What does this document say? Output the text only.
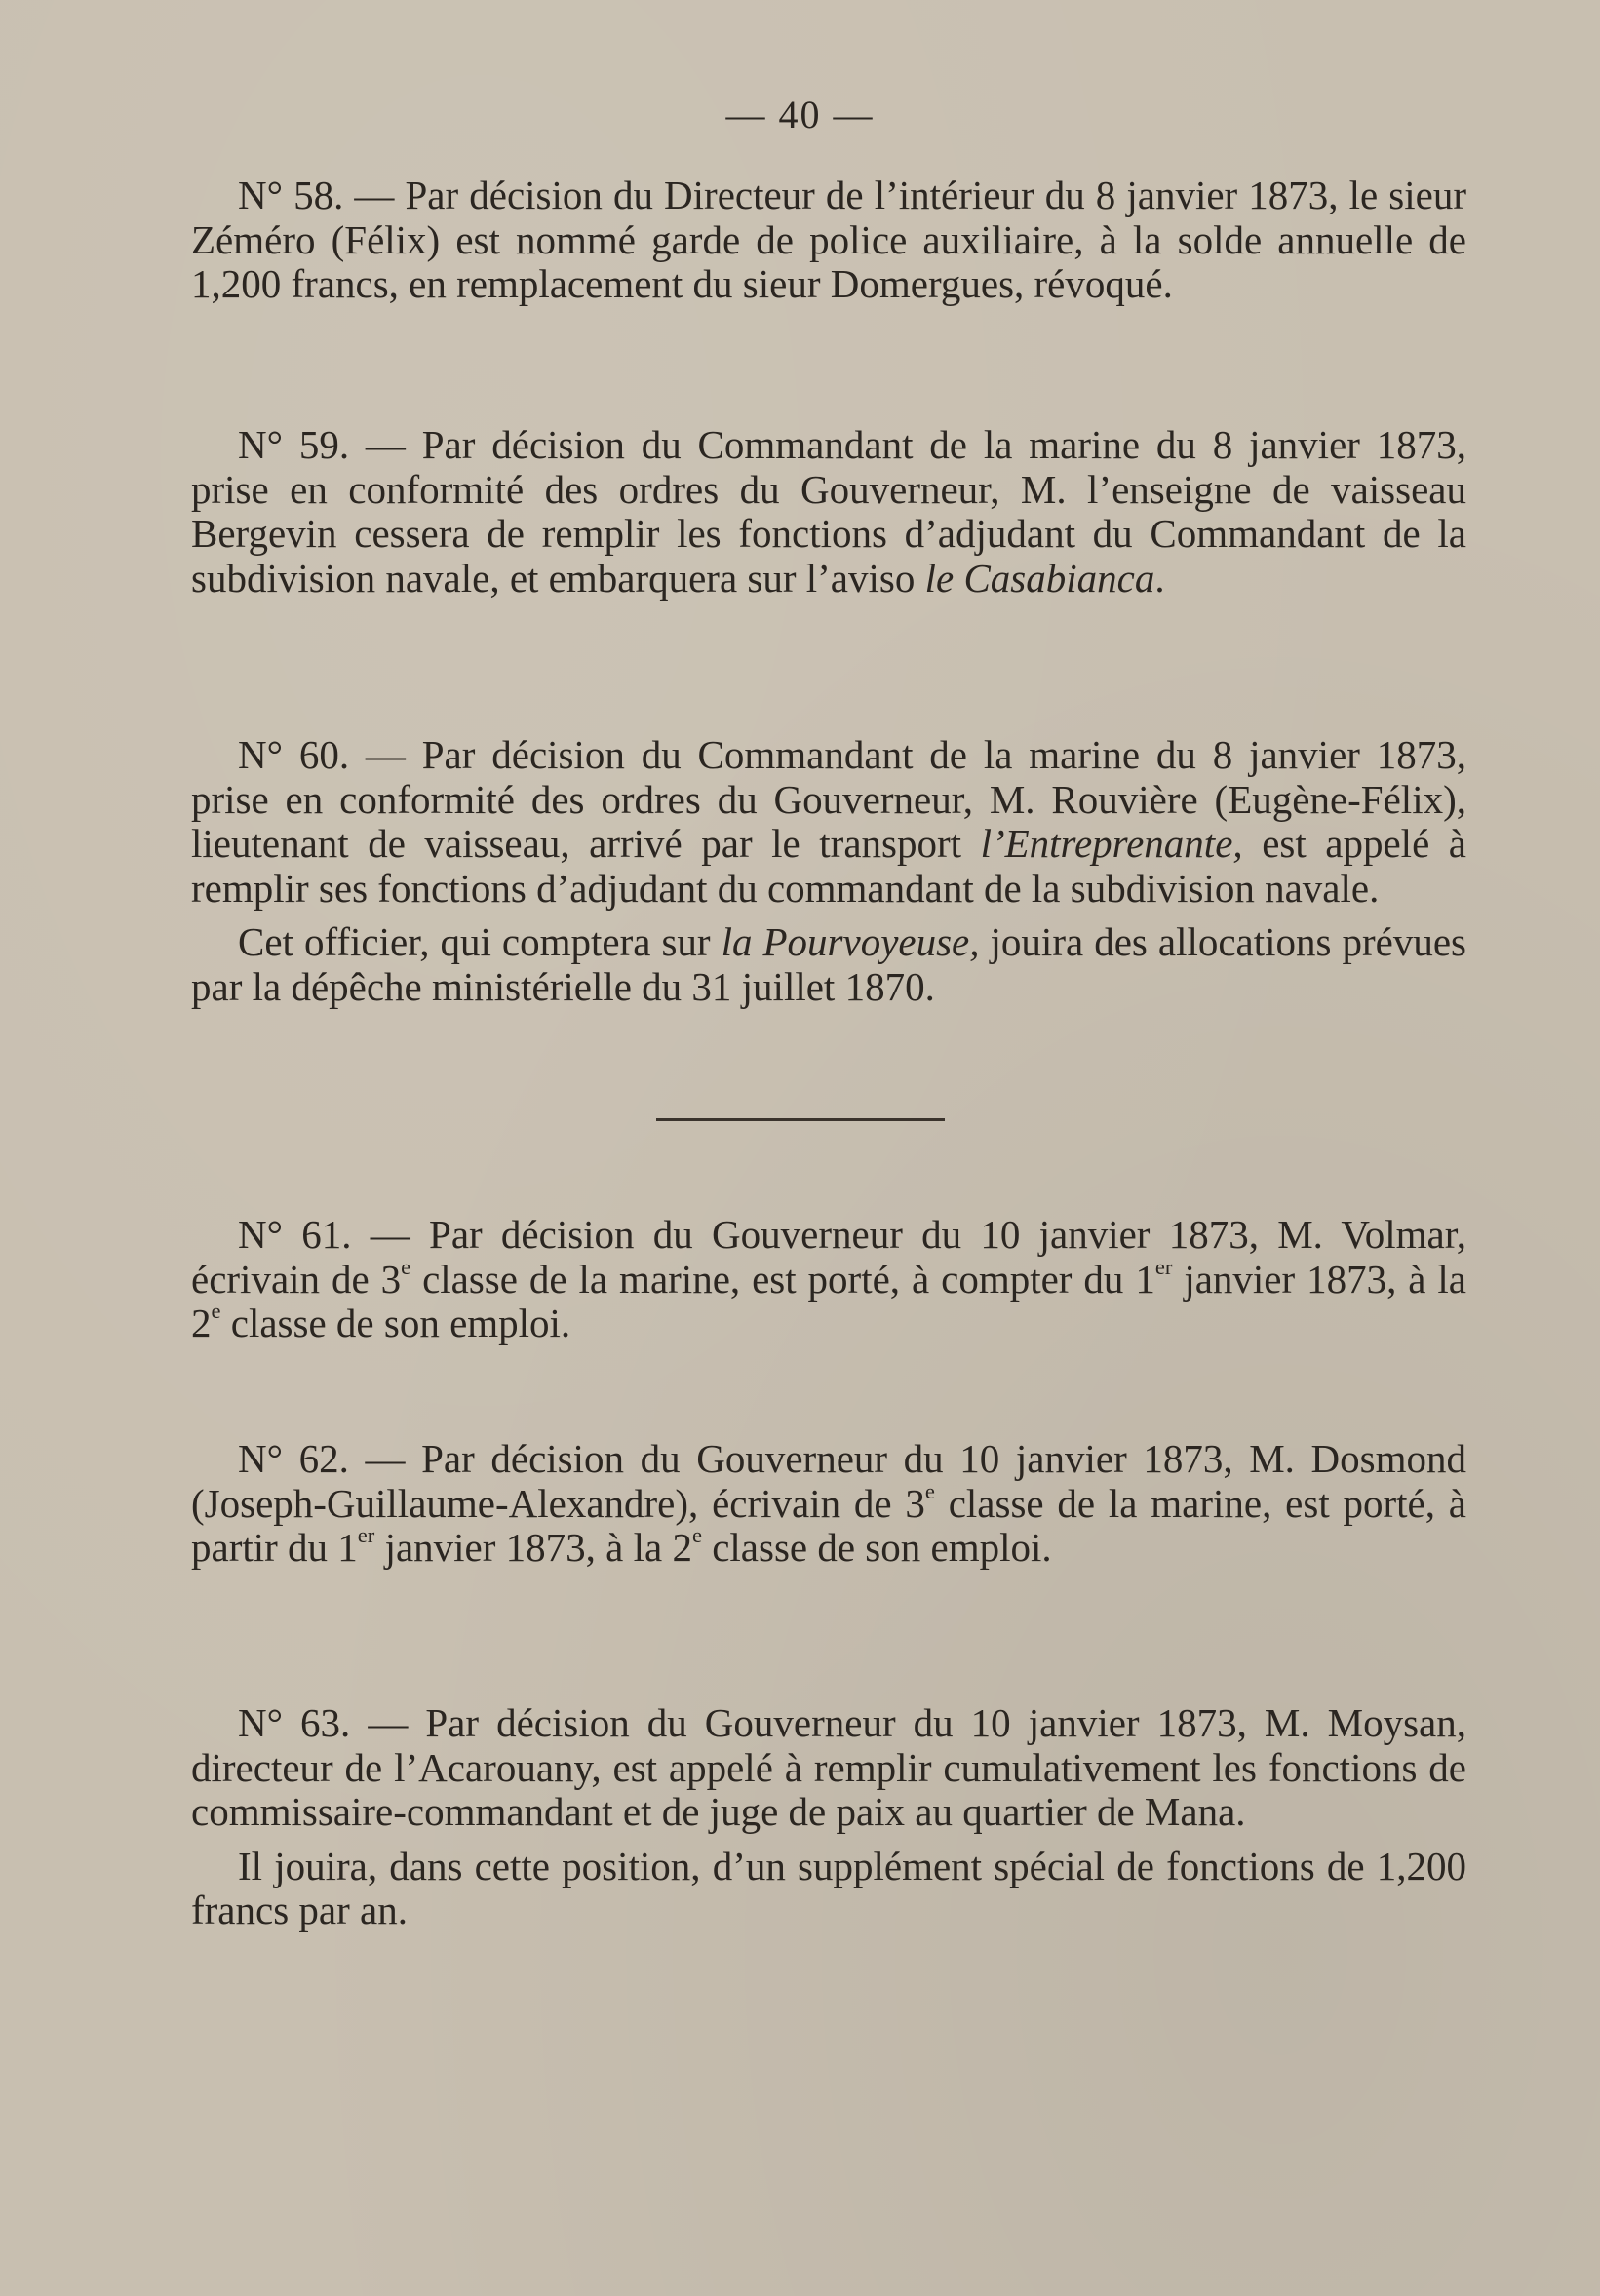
— 40 —

N° 58. — Par décision du Directeur de l’intérieur du 8 janvier 1873, le sieur Zéméro (Félix) est nommé garde de police auxiliaire, à la solde annuelle de 1,200 francs, en remplacement du sieur Domergues, révoqué.

N° 59. — Par décision du Commandant de la marine du 8 janvier 1873, prise en conformité des ordres du Gouverneur, M. l’enseigne de vaisseau Bergevin cessera de remplir les fonctions d’adjudant du Commandant de la subdivision navale, et embarquera sur l’aviso le Casabianca.

N° 60. — Par décision du Commandant de la marine du 8 janvier 1873, prise en conformité des ordres du Gouverneur, M. Rouvière (Eugène-Félix), lieutenant de vaisseau, arrivé par le transport l’Entreprenante, est appelé à remplir ses fonctions d’adjudant du commandant de la subdivision navale.

Cet officier, qui comptera sur la Pourvoyeuse, jouira des allocations prévues par la dépêche ministérielle du 31 juillet 1870.

N° 61. — Par décision du Gouverneur du 10 janvier 1873, M. Volmar, écrivain de 3e classe de la marine, est porté, à compter du 1er janvier 1873, à la 2e classe de son emploi.

N° 62. — Par décision du Gouverneur du 10 janvier 1873, M. Dosmond (Joseph-Guillaume-Alexandre), écrivain de 3e classe de la marine, est porté, à partir du 1er janvier 1873, à la 2e classe de son emploi.

N° 63. — Par décision du Gouverneur du 10 janvier 1873, M. Moysan, directeur de l’Acarouany, est appelé à remplir cumulativement les fonctions de commissaire-commandant et de juge de paix au quartier de Mana.

Il jouira, dans cette position, d’un supplément spécial de fonctions de 1,200 francs par an.
